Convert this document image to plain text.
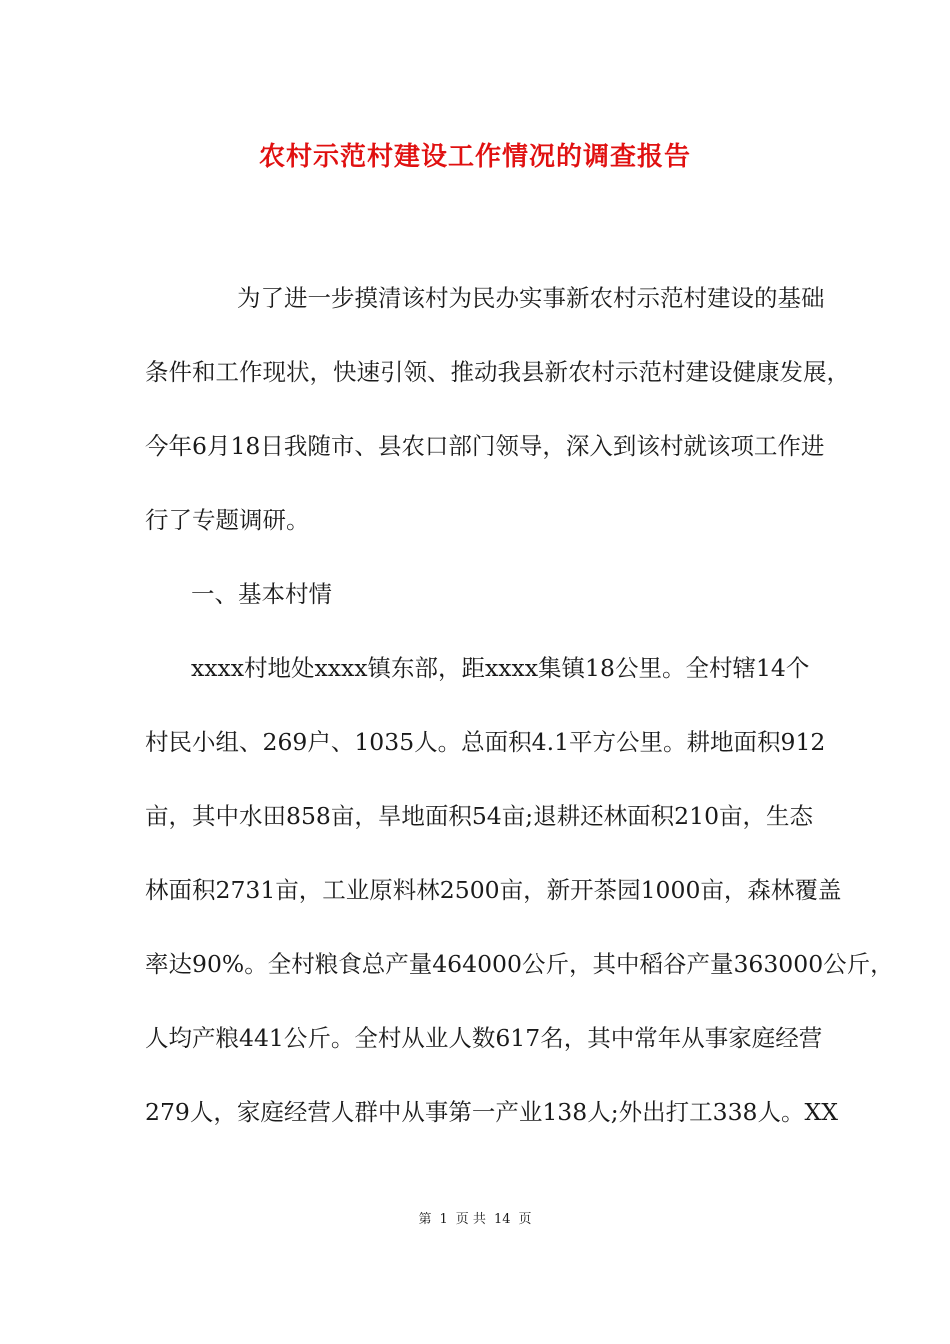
农村示范村建设工作情况的调查报告

为了进一步摸清该村为民办实事新农村示范村建设的基础

条件和工作现状，快速引领、推动我县新农村示范村建设健康发展，

今年6月18日我随市、县农口部门领导，深入到该村就该项工作进

行了专题调研。

一、基本村情

xxxx村地处xxxx镇东部，距xxxx集镇18公里。全村辖14个

村民小组、269户、1035人。总面积4.1平方公里。耕地面积912

亩，其中水田858亩，旱地面积54亩;退耕还林面积210亩，生态

林面积2731亩，工业原料林2500亩，新开茶园1000亩，森林覆盖

率达90%。全村粮食总产量464000公斤，其中稻谷产量363000公斤，

人均产粮441公斤。全村从业人数617名，其中常年从事家庭经营

279人，家庭经营人群中从事第一产业138人;外出打工338人。XX

第 1 页 共 14 页
